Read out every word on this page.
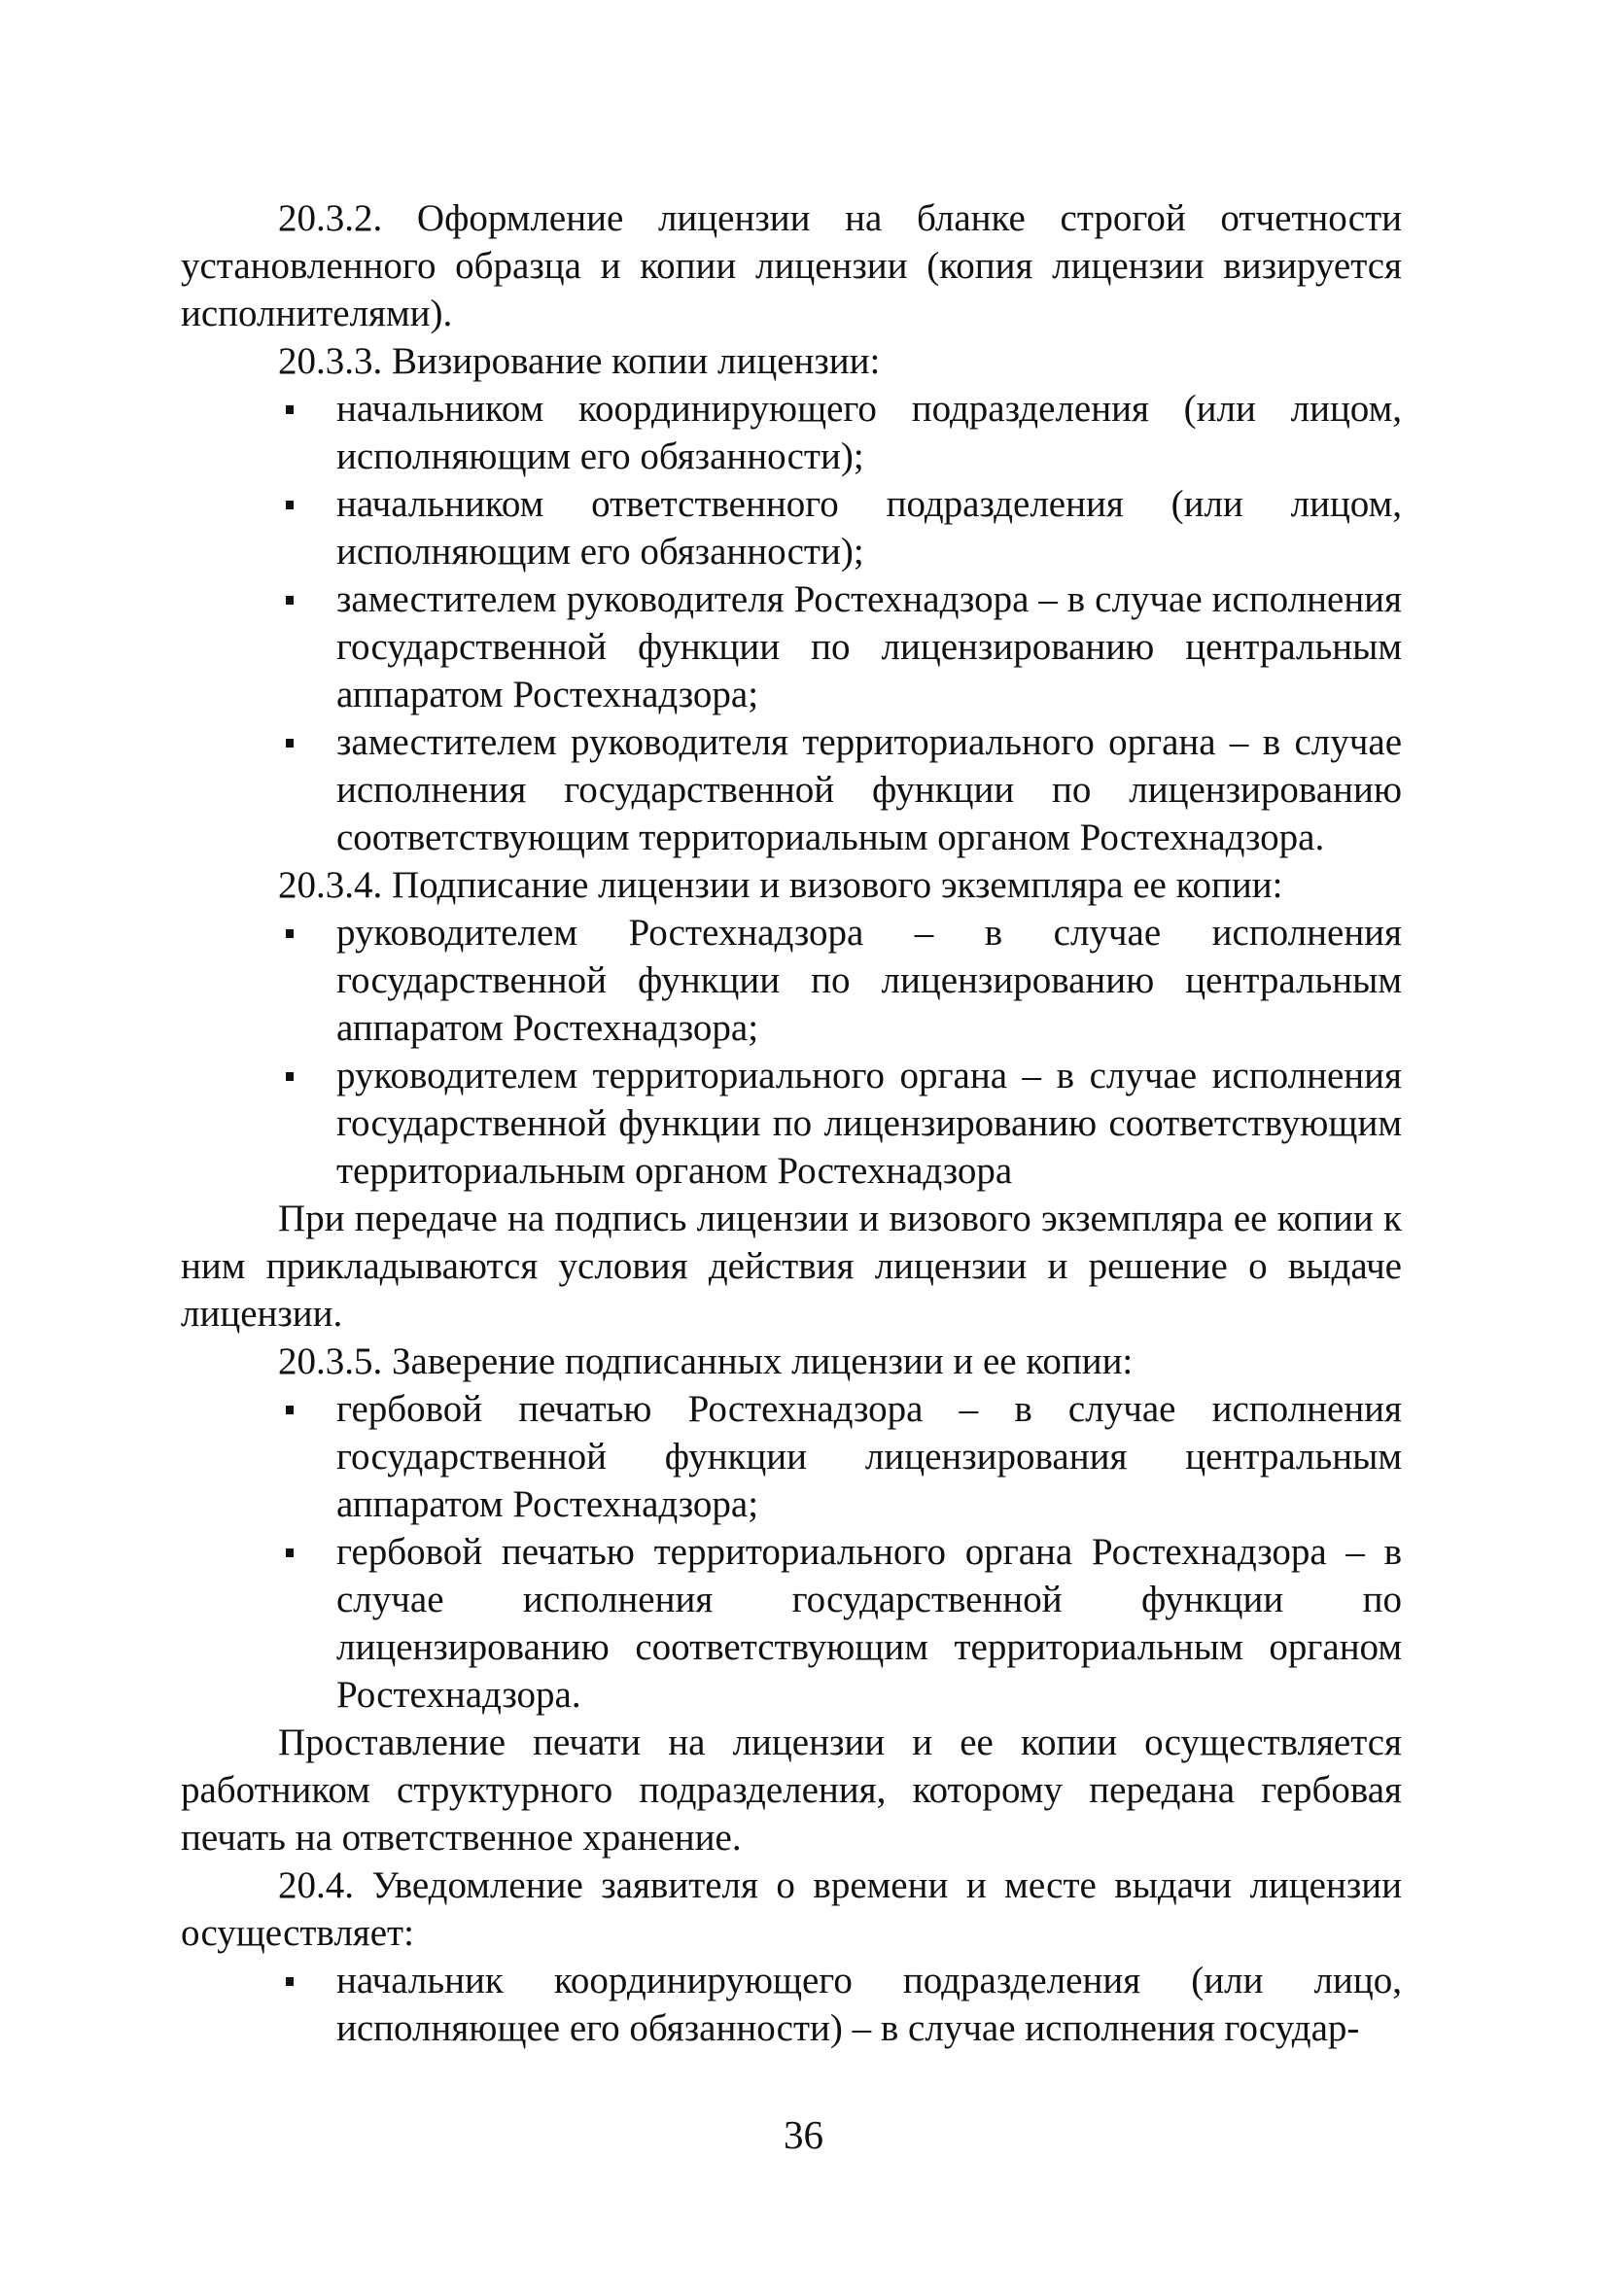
20.3.2. Оформление лицензии на бланке строгой отчетности установленного образца и копии лицензии (копия лицензии визируется исполнителями).

20.3.3. Визирование копии лицензии:

начальником координирующего подразделения (или лицом, исполняющим его обязанности);
начальником ответственного подразделения (или лицом, исполняющим его обязанности);
заместителем руководителя Ростехнадзора – в случае исполнения государственной функции по лицензированию центральным аппаратом Ростехнадзора;
заместителем руководителя территориального органа – в случае исполнения государственной функции по лицензированию соответствующим территориальным органом Ростехнадзора.

20.3.4. Подписание лицензии и визового экземпляра ее копии:

руководителем Ростехнадзора – в случае исполнения государственной функции по лицензированию центральным аппаратом Ростехнадзора;
руководителем территориального органа – в случае исполнения государственной функции по лицензированию соответствующим территориальным органом Ростехнадзора

При передаче на подпись лицензии и визового экземпляра ее копии к ним прикладываются условия действия лицензии и решение о выдаче лицензии.

20.3.5. Заверение подписанных лицензии и ее копии:

гербовой печатью Ростехнадзора – в случае исполнения государственной функции лицензирования центральным аппаратом Ростехнадзора;
гербовой печатью территориального органа Ростехнадзора – в случае исполнения государственной функции по лицензированию соответствующим территориальным органом Ростехнадзора.

Проставление печати на лицензии и ее копии осуществляется работником структурного подразделения, которому передана гербовая печать на ответственное хранение.

20.4. Уведомление заявителя о времени и месте выдачи лицензии осуществляет:

начальник координирующего подразделения (или лицо, исполняющее его обязанности) – в случае исполнения государ-
36
